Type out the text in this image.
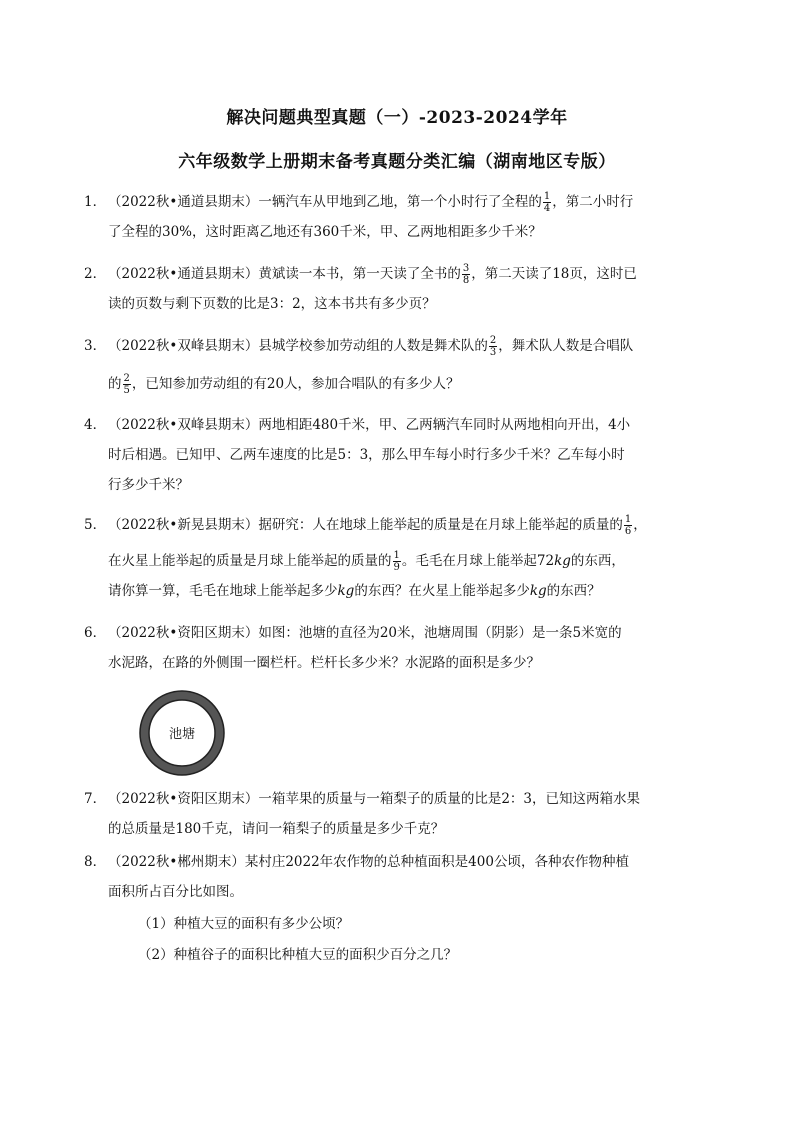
解决问题典型真题（一）-2023-2024学年
六年级数学上册期末备考真题分类汇编（湖南地区专版）
1． （2022秋•通道县期末）一辆汽车从甲地到乙地，第一个小时行了全程的 $\frac{1}{4}$ ，第二小时行
了全程的30%，这时距离乙地还有360千米，甲、乙两地相距多少千米？
2． （2022秋•通道县期末）黄斌读一本书，第一天读了全书的 $\frac{3}{8}$ ，第二天读了18页，这时已
读的页数与剩下页数的比是3：2，这本书共有多少页？
3． （2022秋•双峰县期末）县城学校参加劳动组的人数是舞术队的 $\frac{2}{3}$ ，舞术队人数是合唱队
的 $\frac{2}{5}$ ，已知参加劳动组的有20人，参加合唱队的有多少人？
4． （2022秋•双峰县期末）两地相距480千米，甲、乙两辆汽车同时从两地相向开出，4小
时后相遇。已知甲、乙两车速度的比是5：3，那么甲车每小时行多少千米？乙车每小时
行多少千米？
5． （2022秋•新晃县期末）据研究：人在地球上能举起的质量是在月球上能举起的质量的 $\frac{1}{6}$ ，
在火星上能举起的质量是月球上能举起的质量的 $\frac{1}{9}$ 。毛毛在月球上能举起72kg的东西，
请你算一算，毛毛在地球上能举起多少kg的东西？在火星上能举起多少kg的东西？
6． （2022秋•资阳区期末）如图：池塘的直径为20米，池塘周围（阴影）是一条5米宽的
水泥路，在路的外侧围一圈栏杆。栏杆长多少米？水泥路的面积是多少？
池塘
7． （2022秋•资阳区期末）一箱苹果的质量与一箱梨子的质量的比是2：3，已知这两箱水果
的总质量是180千克，请问一箱梨子的质量是多少千克？
8． （2022秋•郴州期末）某村庄2022年农作物的总种植面积是400公顷，各种农作物种植
面积所占百分比如图。
（1）种植大豆的面积有多少公顷？
（2）种植谷子的面积比种植大豆的面积少百分之几？
